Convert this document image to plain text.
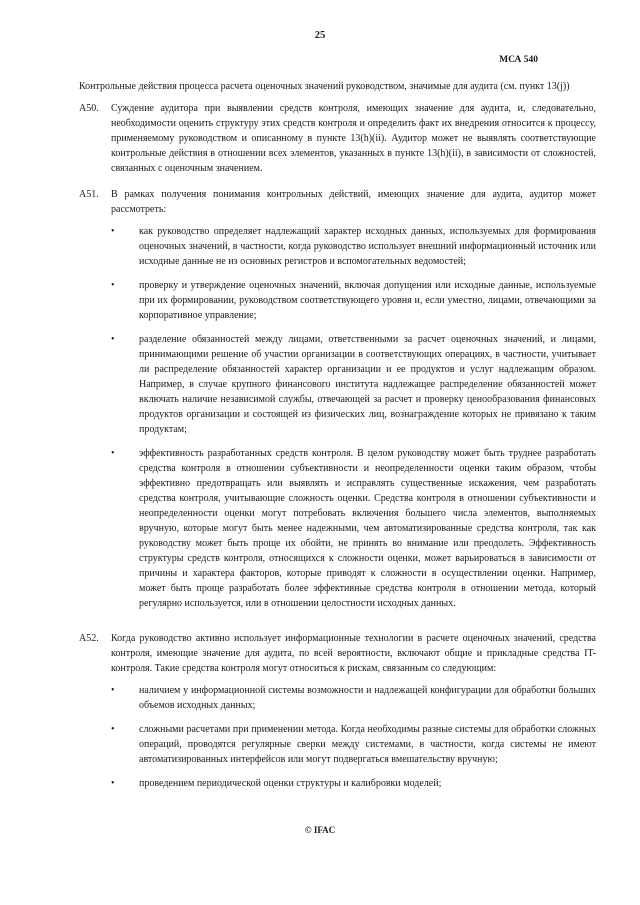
25
МСА 540
Контрольные действия процесса расчета оценочных значений руководством, значимые для аудита (см. пункт 13(j))
A50.	Суждение аудитора при выявлении средств контроля, имеющих значение для аудита, и, следовательно, необходимости оценить структуру этих средств контроля и определить факт их внедрения относится к процессу, применяемому руководством и описанному в пункте 13(h)(ii). Аудитор может не выявлять соответствующие контрольные действия в отношении всех элементов, указанных в пункте 13(h)(ii), в зависимости от сложностей, связанных с оценочным значением.
A51.	В рамках получения понимания контрольных действий, имеющих значение для аудита, аудитор может рассмотреть:
•	как руководство определяет надлежащий характер исходных данных, используемых для формирования оценочных значений, в частности, когда руководство использует внешний информационный источник или исходные данные не из основных регистров и вспомогательных ведомостей;
•	проверку и утверждение оценочных значений, включая допущения или исходные данные, используемые при их формировании, руководством соответствующего уровня и, если уместно, лицами, отвечающими за корпоративное управление;
•	разделение обязанностей между лицами, ответственными за расчет оценочных значений, и лицами, принимающими решение об участии организации в соответствующих операциях, в частности, учитывает ли распределение обязанностей характер организации и ее продуктов и услуг надлежащим образом. Например, в случае крупного финансового института надлежащее распределение обязанностей может включать наличие независимой службы, отвечающей за расчет и проверку ценообразования финансовых продуктов организации и состоящей из физических лиц, вознаграждение которых не привязано к таким продуктам;
•	эффективность разработанных средств контроля. В целом руководству может быть труднее разработать средства контроля в отношении субъективности и неопределенности оценки таким образом, чтобы эффективно предотвращать или выявлять и исправлять существенные искажения, чем разработать средства контроля, учитывающие сложность оценки. Средства контроля в отношении субъективности и неопределенности оценки могут потребовать включения большего числа элементов, выполняемых вручную, которые могут быть менее надежными, чем автоматизированные средства контроля, так как руководству может быть проще их обойти, не принять во внимание или преодолеть. Эффективность структуры средств контроля, относящихся к сложности оценки, может варьироваться в зависимости от причины и характера факторов, которые приводят к сложности в осуществлении оценки. Например, может быть проще разработать более эффективные средства контроля в отношении метода, который регулярно используется, или в отношении целостности исходных данных.
A52.	Когда руководство активно использует информационные технологии в расчете оценочных значений, средства контроля, имеющие значение для аудита, по всей вероятности, включают общие и прикладные средства IT-контроля. Такие средства контроля могут относиться к рискам, связанным со следующим:
•	наличием у информационной системы возможности и надлежащей конфигурации для обработки больших объемов исходных данных;
•	сложными расчетами при применении метода. Когда необходимы разные системы для обработки сложных операций, проводятся регулярные сверки между системами, в частности, когда системы не имеют автоматизированных интерфейсов или могут подвергаться вмешательству вручную;
•	проведением периодической оценки структуры и калибровки моделей;
© IFAC
